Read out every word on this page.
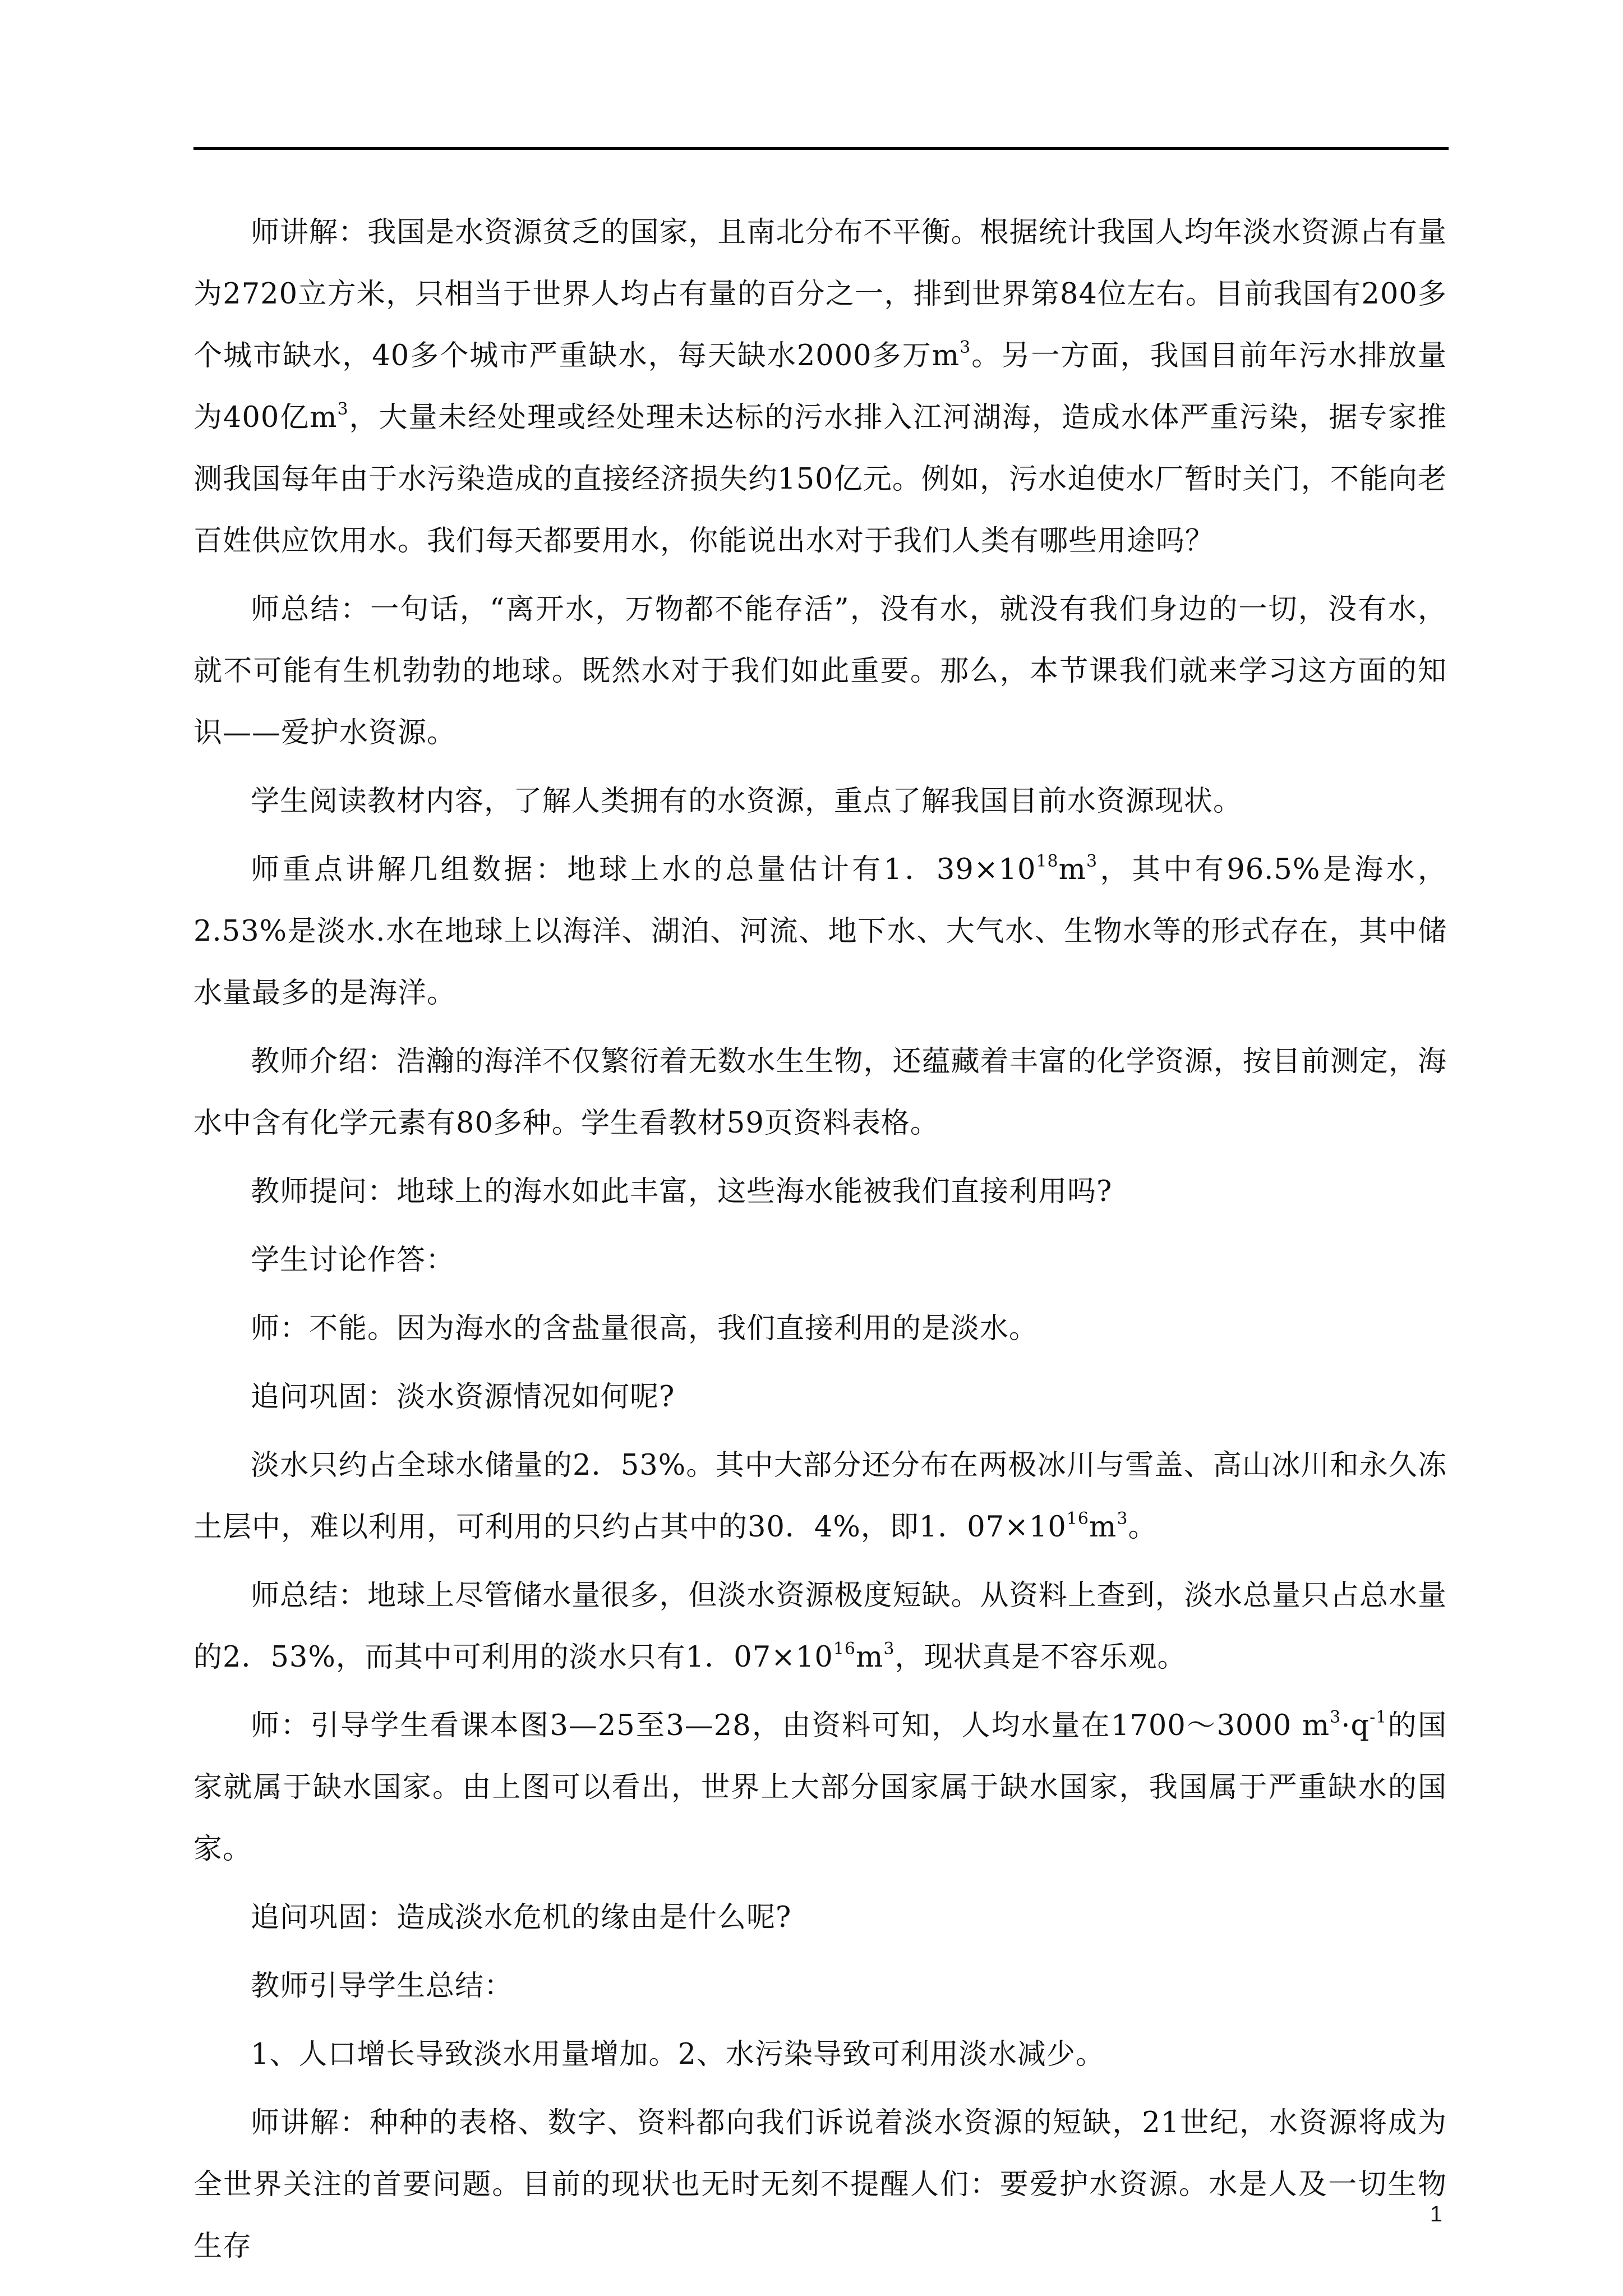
师讲解：我国是水资源贫乏的国家，且南北分布不平衡。根据统计我国人均年淡水资源占有量为2720立方米，只相当于世界人均占有量的百分之一，排到世界第84位左右。目前我国有200多个城市缺水，40多个城市严重缺水，每天缺水2000多万$m^3$。另一方面，我国目前年污水排放量为400亿$m^3$，大量未经处理或经处理未达标的污水排入江河湖海，造成水体严重污染，据专家推测我国每年由于水污染造成的直接经济损失约150亿元。例如，污水迫使水厂暂时关门，不能向老百姓供应饮用水。我们每天都要用水，你能说出水对于我们人类有哪些用途吗？

师总结：一句话，“离开水，万物都不能存活”，没有水，就没有我们身边的一切，没有水，就不可能有生机勃勃的地球。既然水对于我们如此重要。那么，本节课我们就来学习这方面的知识——爱护水资源。

学生阅读教材内容，了解人类拥有的水资源，重点了解我国目前水资源现状。

师重点讲解几组数据：地球上水的总量估计有1．$39\times 10^{18}m^3$，其中有96.5%是海水，2.53%是淡水.水在地球上以海洋、湖泊、河流、地下水、大气水、生物水等的形式存在，其中储水量最多的是海洋。

教师介绍：浩瀚的海洋不仅繁衍着无数水生生物，还蕴藏着丰富的化学资源，按目前测定，海水中含有化学元素有80多种。学生看教材59页资料表格。

教师提问：地球上的海水如此丰富，这些海水能被我们直接利用吗?

学生讨论作答：

师：不能。因为海水的含盐量很高，我们直接利用的是淡水。

追问巩固：淡水资源情况如何呢?

淡水只约占全球水储量的2．53%。其中大部分还分布在两极冰川与雪盖、高山冰川和永久冻土层中，难以利用，可利用的只约占其中的30．4%，即1．$07\times 10^{16}m^3$。

师总结：地球上尽管储水量很多，但淡水资源极度短缺。从资料上查到，淡水总量只占总水量的2．53%，而其中可利用的淡水只有1．$07\times 10^{16}m^3$，现状真是不容乐观。

师：引导学生看课本图3—25至3—28，由资料可知，人均水量在1700～3000 $m^3\cdot q^{-1}$的国家就属于缺水国家。由上图可以看出，世界上大部分国家属于缺水国家，我国属于严重缺水的国家。

追问巩固：造成淡水危机的缘由是什么呢?

教师引导学生总结：

1、人口增长导致淡水用量增加。2、水污染导致可利用淡水减少。

师讲解：种种的表格、数字、资料都向我们诉说着淡水资源的短缺，21世纪，水资源将成为全世界关注的首要问题。目前的现状也无时无刻不提醒人们：要爱护水资源。水是人及一切生物生存

1
